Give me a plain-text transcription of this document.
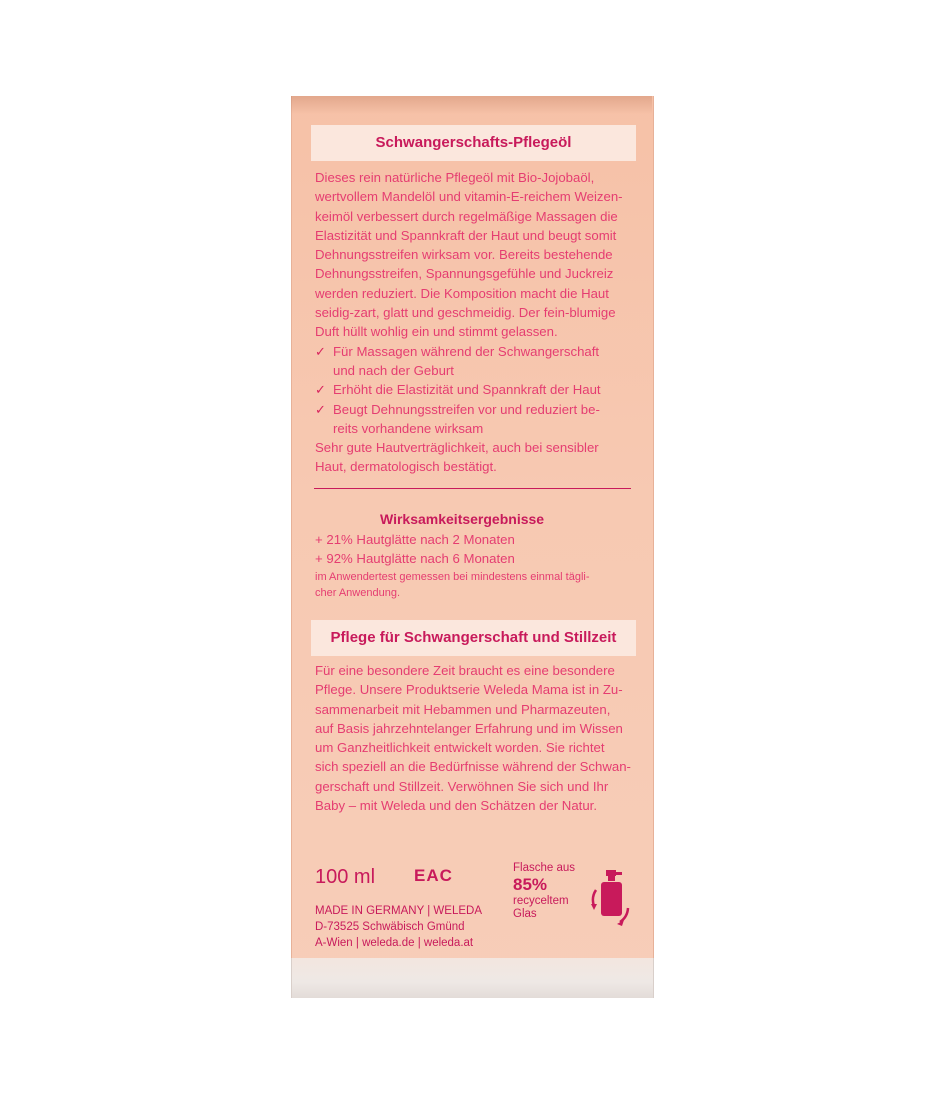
Schwangerschafts-Pflegeöl
Dieses rein natürliche Pflegeöl mit Bio-Jojobaöl,
wertvollem Mandelöl und vitamin-E-reichem Weizen-
keimöl verbessert durch regelmäßige Massagen die
Elastizität und Spannkraft der Haut und beugt somit
Dehnungsstreifen wirksam vor. Bereits bestehende
Dehnungsstreifen, Spannungsgefühle und Juckreiz
werden reduziert. Die Komposition macht die Haut
seidig-zart, glatt und geschmeidig. Der fein-blumige
Duft hüllt wohlig ein und stimmt gelassen.
✓ Für Massagen während der Schwangerschaft
und nach der Geburt
✓ Erhöht die Elastizität und Spannkraft der Haut
✓ Beugt Dehnungsstreifen vor und reduziert be-
reits vorhandene wirksam
Sehr gute Hautverträglichkeit, auch bei sensibler
Haut, dermatologisch bestätigt.
Wirksamkeitsergebnisse
+ 21% Hautglätte nach 2 Monaten
+ 92% Hautglätte nach 6 Monaten
im Anwendertest gemessen bei mindestens einmal tägli-
cher Anwendung.
Pflege für Schwangerschaft und Stillzeit
Für eine besondere Zeit braucht es eine besondere
Pflege. Unsere Produktserie Weleda Mama ist in Zu-
sammenarbeit mit Hebammen und Pharmazeuten,
auf Basis jahrzehntelanger Erfahrung und im Wissen
um Ganzheitlichkeit entwickelt worden. Sie richtet
sich speziell an die Bedürfnisse während der Schwan-
gerschaft und Stillzeit. Verwöhnen Sie sich und Ihr
Baby – mit Weleda und den Schätzen der Natur.
100 ml EAC
MADE IN GERMANY | WELEDA
D-73525 Schwäbisch Gmünd
A-Wien | weleda.de | weleda.at
Flasche aus
85%
recyceltem
Glas
